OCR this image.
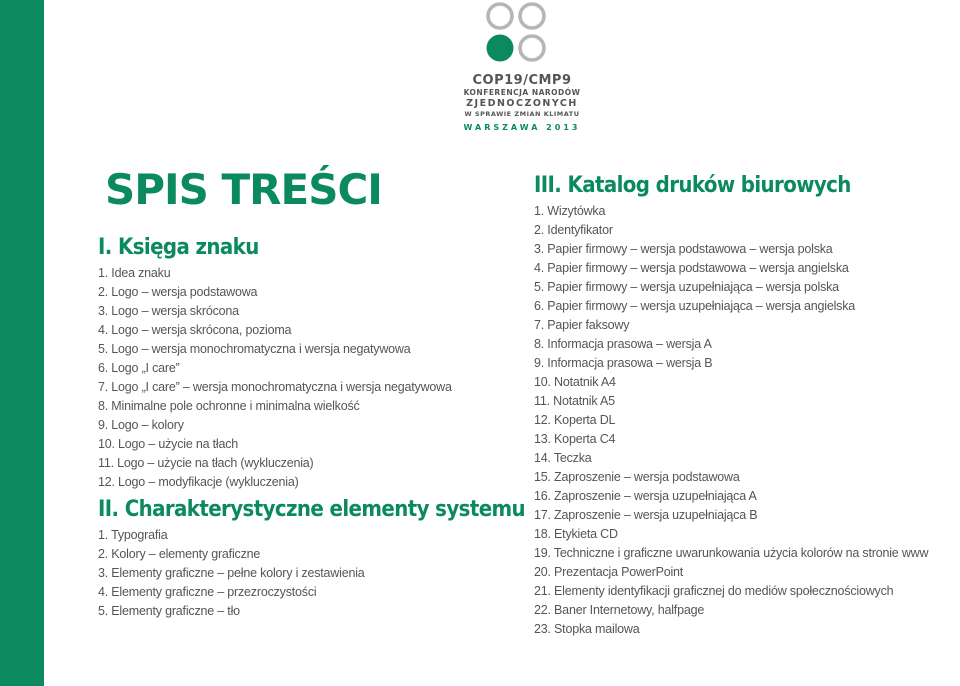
COP19/CMP9
KONFERENCJA NARODÓW
ZJEDNOCZONYCH
W SPRAWIE ZMIAN KLIMATU
WARSZAWA 2013
SPIS TREŚCI
I. Księga znaku
1. Idea znaku
2. Logo – wersja podstawowa
3. Logo – wersja skrócona
4. Logo – wersja skrócona, pozioma
5. Logo – wersja monochromatyczna i wersja negatywowa
6. Logo „I care”
7. Logo „I care” – wersja monochromatyczna i wersja negatywowa
8. Minimalne pole ochronne i minimalna wielkość
9. Logo – kolory
10. Logo – użycie na tłach
11. Logo – użycie na tłach (wykluczenia)
12. Logo – modyfikacje (wykluczenia)
II. Charakterystyczne elementy systemu
1. Typografia
2. Kolory – elementy graficzne
3. Elementy graficzne – pełne kolory i zestawienia
4. Elementy graficzne – przezroczystości
5. Elementy graficzne – tło
III. Katalog druków biurowych
1. Wizytówka
2. Identyfikator
3. Papier firmowy – wersja podstawowa – wersja polska
4. Papier firmowy – wersja podstawowa – wersja angielska
5. Papier firmowy – wersja uzupełniająca – wersja polska
6. Papier firmowy – wersja uzupełniająca – wersja angielska
7. Papier faksowy
8. Informacja prasowa – wersja A
9. Informacja prasowa – wersja B
10. Notatnik A4
11. Notatnik A5
12. Koperta DL
13. Koperta C4
14. Teczka
15. Zaproszenie – wersja podstawowa
16. Zaproszenie – wersja uzupełniająca A
17. Zaproszenie – wersja uzupełniająca B
18. Etykieta CD
19. Techniczne i graficzne uwarunkowania użycia kolorów na stronie www
20. Prezentacja PowerPoint
21. Elementy identyfikacji graficznej do mediów społecznościowych
22. Baner Internetowy, halfpage
23. Stopka mailowa
